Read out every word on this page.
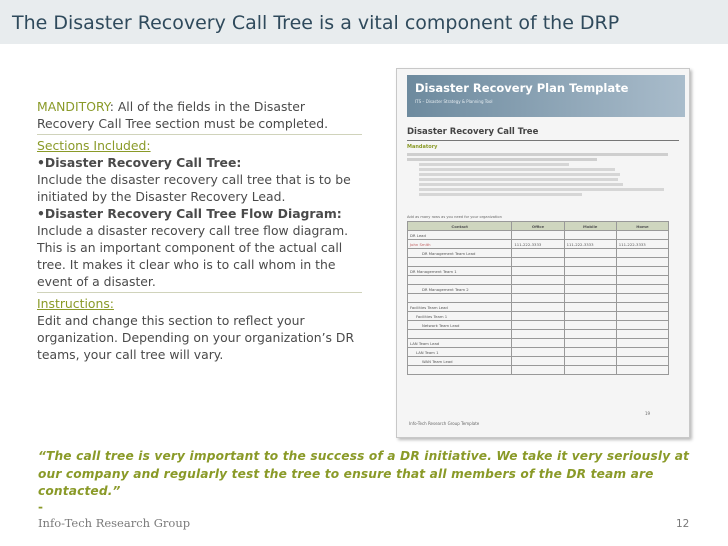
The Disaster Recovery Call Tree is a vital component of the DRP
MANDITORY: All of the fields in the Disaster Recovery Call Tree section must be completed.
Sections Included:
•Disaster Recovery Call Tree:
Include the disaster recovery call tree that is to be initiated by the Disaster Recovery Lead.
•Disaster Recovery Call Tree Flow Diagram:
Include a disaster recovery call tree flow diagram. This is an important component of the actual call tree. It makes it clear who is to call whom in the event of a disaster.
Instructions:
Edit and change this section to reflect your organization. Depending on your organization’s DR teams, your call tree will vary.
Disaster Recovery Plan Template
ITS – Disaster Strategy & Planning Tool
Disaster Recovery Call Tree
Mandatory
Add as many rows as you need for your organization
Contact	Office	Mobile	Home
DR Lead			
John Smith	111-222-3333	111-222-3333	111-222-3333
DR Management Team Lead			

DR Management Team 1			

DR Management Team 2			

Facilities Team Lead			
Facilities Team 1			
Network Team Lead			

LAN Team Lead			
LAN Team 1			
WAN Team Lead			

19
Info-Tech Research Group Template
“The call tree is very important to the success of a DR initiative. We take it very seriously at our company and regularly test the tree to ensure that all members of the DR team are contacted.”
-
Info-Tech Research Group	12
